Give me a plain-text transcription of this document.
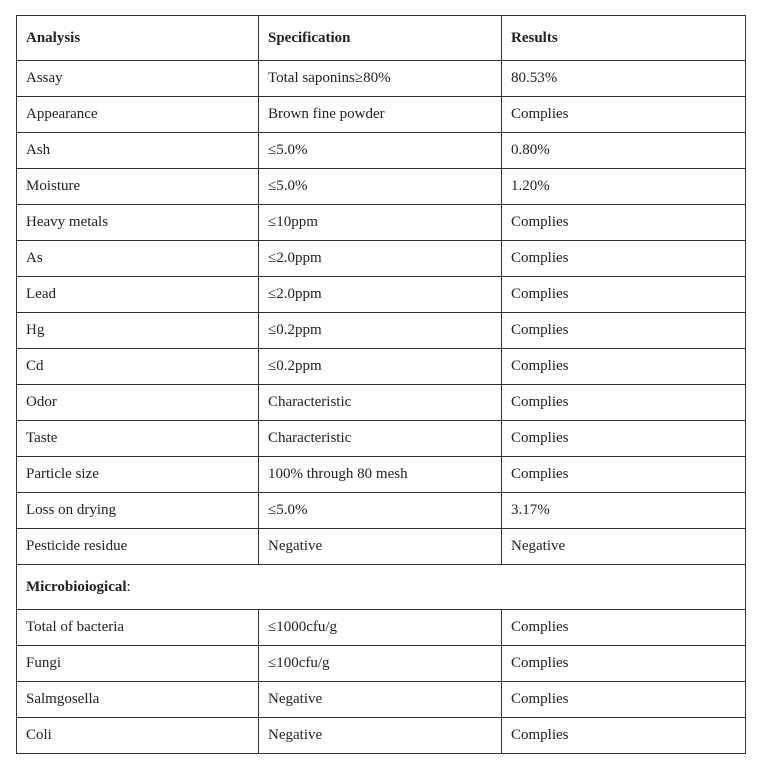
Analysis	Specification	Results
Assay	Total saponins≥80%	80.53%
Appearance	Brown fine powder	Complies
Ash	≤5.0%	0.80%
Moisture	≤5.0%	1.20%
Heavy metals	≤10ppm	Complies
As	≤2.0ppm	Complies
Lead	≤2.0ppm	Complies
Hg	≤0.2ppm	Complies
Cd	≤0.2ppm	Complies
Odor	Characteristic	Complies
Taste	Characteristic	Complies
Particle size	100% through 80 mesh	Complies
Loss on drying	≤5.0%	3.17%
Pesticide residue	Negative	Negative
Microbioiogical:		
Total of bacteria	≤1000cfu/g	Complies
Fungi	≤100cfu/g	Complies
Salmgosella	Negative	Complies
Coli	Negative	Complies
